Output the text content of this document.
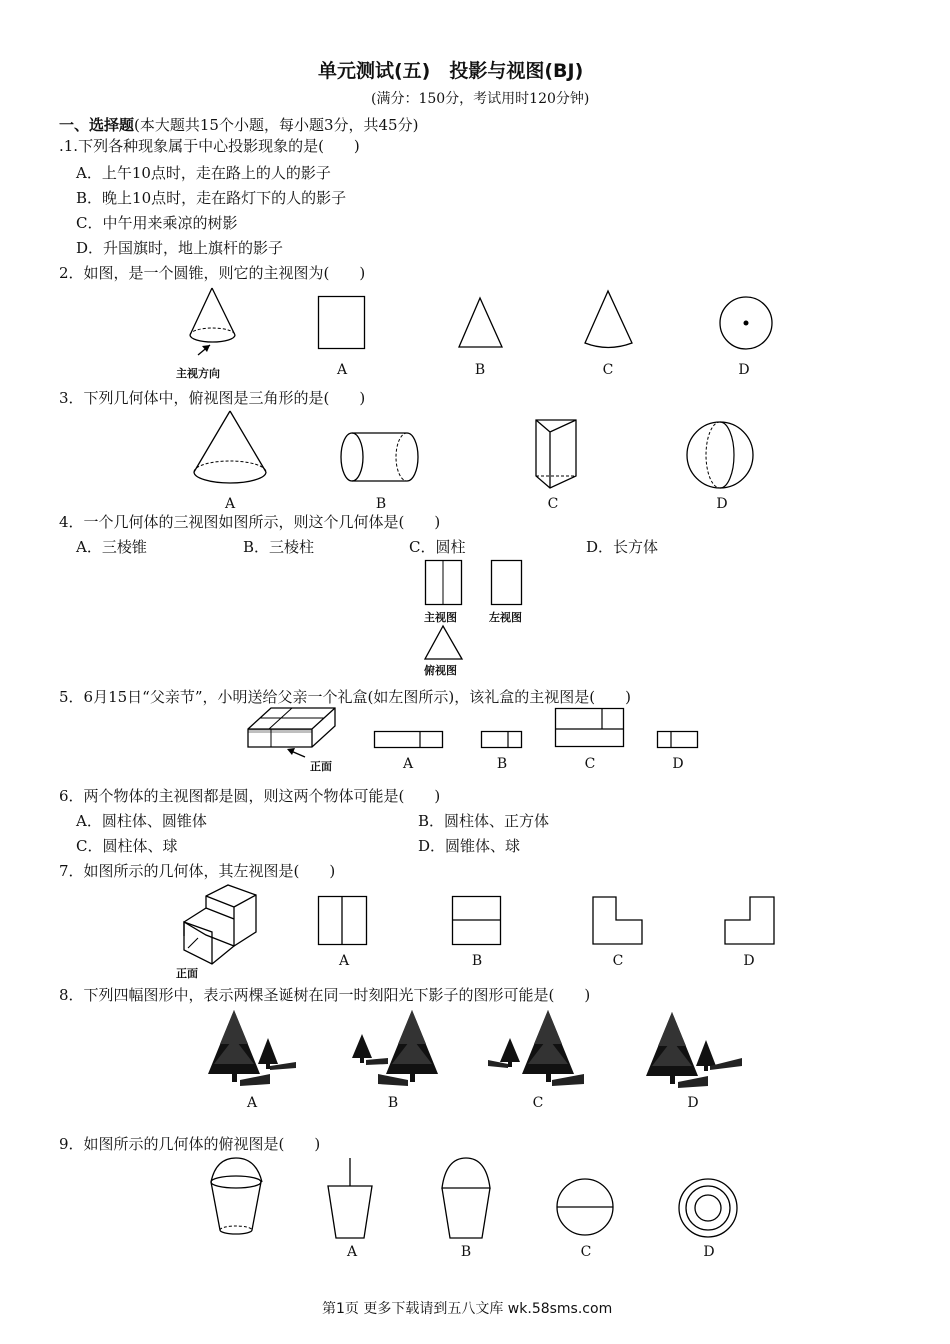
单元测试(五)　投影与视图(BJ)
(满分：150分，考试用时120分钟)
一、选择题(本大题共15个小题，每小题3分，共45分)
.1.下列各种现象属于中心投影现象的是(　　)
A．上午10点时，走在路上的人的影子
B．晚上10点时，走在路灯下的人的影子
C．中午用来乘凉的树影
D．升国旗时，地上旗杆的影子
2．如图，是一个圆锥，则它的主视图为(　　)
主视方向	A	B	C	D
3．下列几何体中，俯视图是三角形的是(　　)
A	B	C	D
4．一个几何体的三视图如图所示，则这个几何体是(　　)
A．三棱锥	B．三棱柱	C．圆柱	D．长方体
主视图	左视图
俯视图
5．6月15日“父亲节”，小明送给父亲一个礼盒(如左图所示)，该礼盒的主视图是(　　)
正面	A	B	C	D
6．两个物体的主视图都是圆，则这两个物体可能是(　　)
A．圆柱体、圆锥体	B．圆柱体、正方体
C．圆柱体、球	D．圆锥体、球
7．如图所示的几何体，其左视图是(　　)
正面
A	B	C	D
8．下列四幅图形中，表示两棵圣诞树在同一时刻阳光下影子的图形可能是(　　)
A	B	C	D
9．如图所示的几何体的俯视图是(　　)
A	B	C	D
第1页 更多下载请到五八文库 wk.58sms.com
